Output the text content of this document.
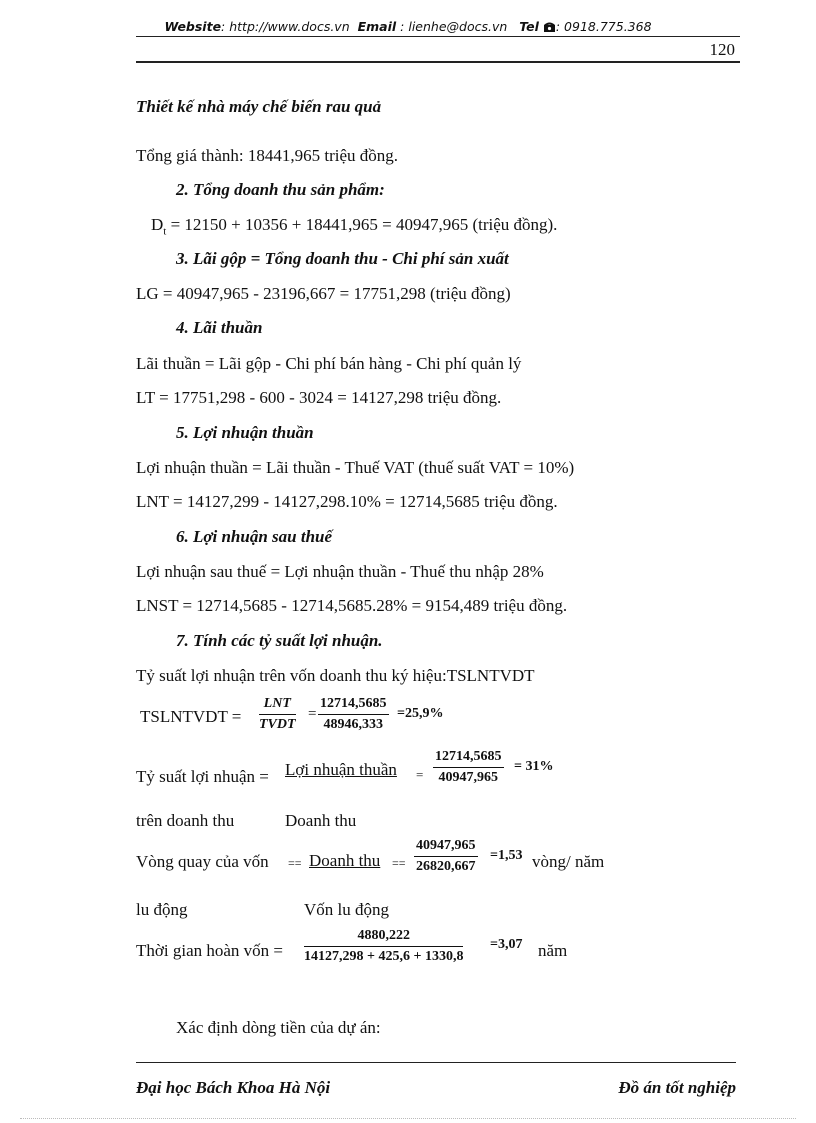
Website: http://www.docs.vn Email : lienhe@docs.vn Tel : 0918.775.368
120
Thiết kế nhà máy chế biến rau quả
Tổng giá thành: 18441,965 triệu đồng.
2. Tổng doanh thu sản phẩm:
$D_t = 12150 + 10356 + 18441,965 = 40947,965$ (triệu đồng).
3. Lãi gộp = Tổng doanh thu - Chi phí sản xuất
LG = 40947,965 - 23196,667 = 17751,298 (triệu đồng)
4. Lãi thuần
Lãi thuần = Lãi gộp - Chi phí bán hàng - Chi phí quản lý
LT = 17751,298 - 600 - 3024 = 14127,298 triệu đồng.
5. Lợi nhuận thuần
Lợi nhuận thuần = Lãi thuần - Thuế VAT (thuế suất VAT = 10%)
LNT = 14127,299 - 14127,298.10% = 12714,5685 triệu đồng.
6. Lợi nhuận sau thuế
Lợi nhuận sau thuế = Lợi nhuận thuần - Thuế thu nhập 28%
LNST = 12714,5685 - 12714,5685.28% = 9154,489 triệu đồng.
7. Tính các tỷ suất lợi nhuận.
Tỷ suất lợi nhuận trên vốn doanh thu ký hiệu:TSLNTVDT
TSLNTVDT =
LNT
TVDT
= $\frac{12714,5685}{48946,333} =25,9\%$
Tỷ suất lợi nhuận = Lợi nhuận thuần = $\frac{12714,5685}{40947,965} = 31\%$
trên doanh thu	Doanh thu
Vòng quay của vốn == Doanh thu == $\frac{40947,965}{26820,667} =1,53$ vòng/ năm
lu động	Vốn lu động
Thời gian hoàn vốn = $\frac{4880,222}{14127,298 + 425,6 + 1330,8} =3,07$ năm
Xác định dòng tiền của dự án:
Đại học Bách Khoa Hà Nội	Đồ án tốt nghiệp
